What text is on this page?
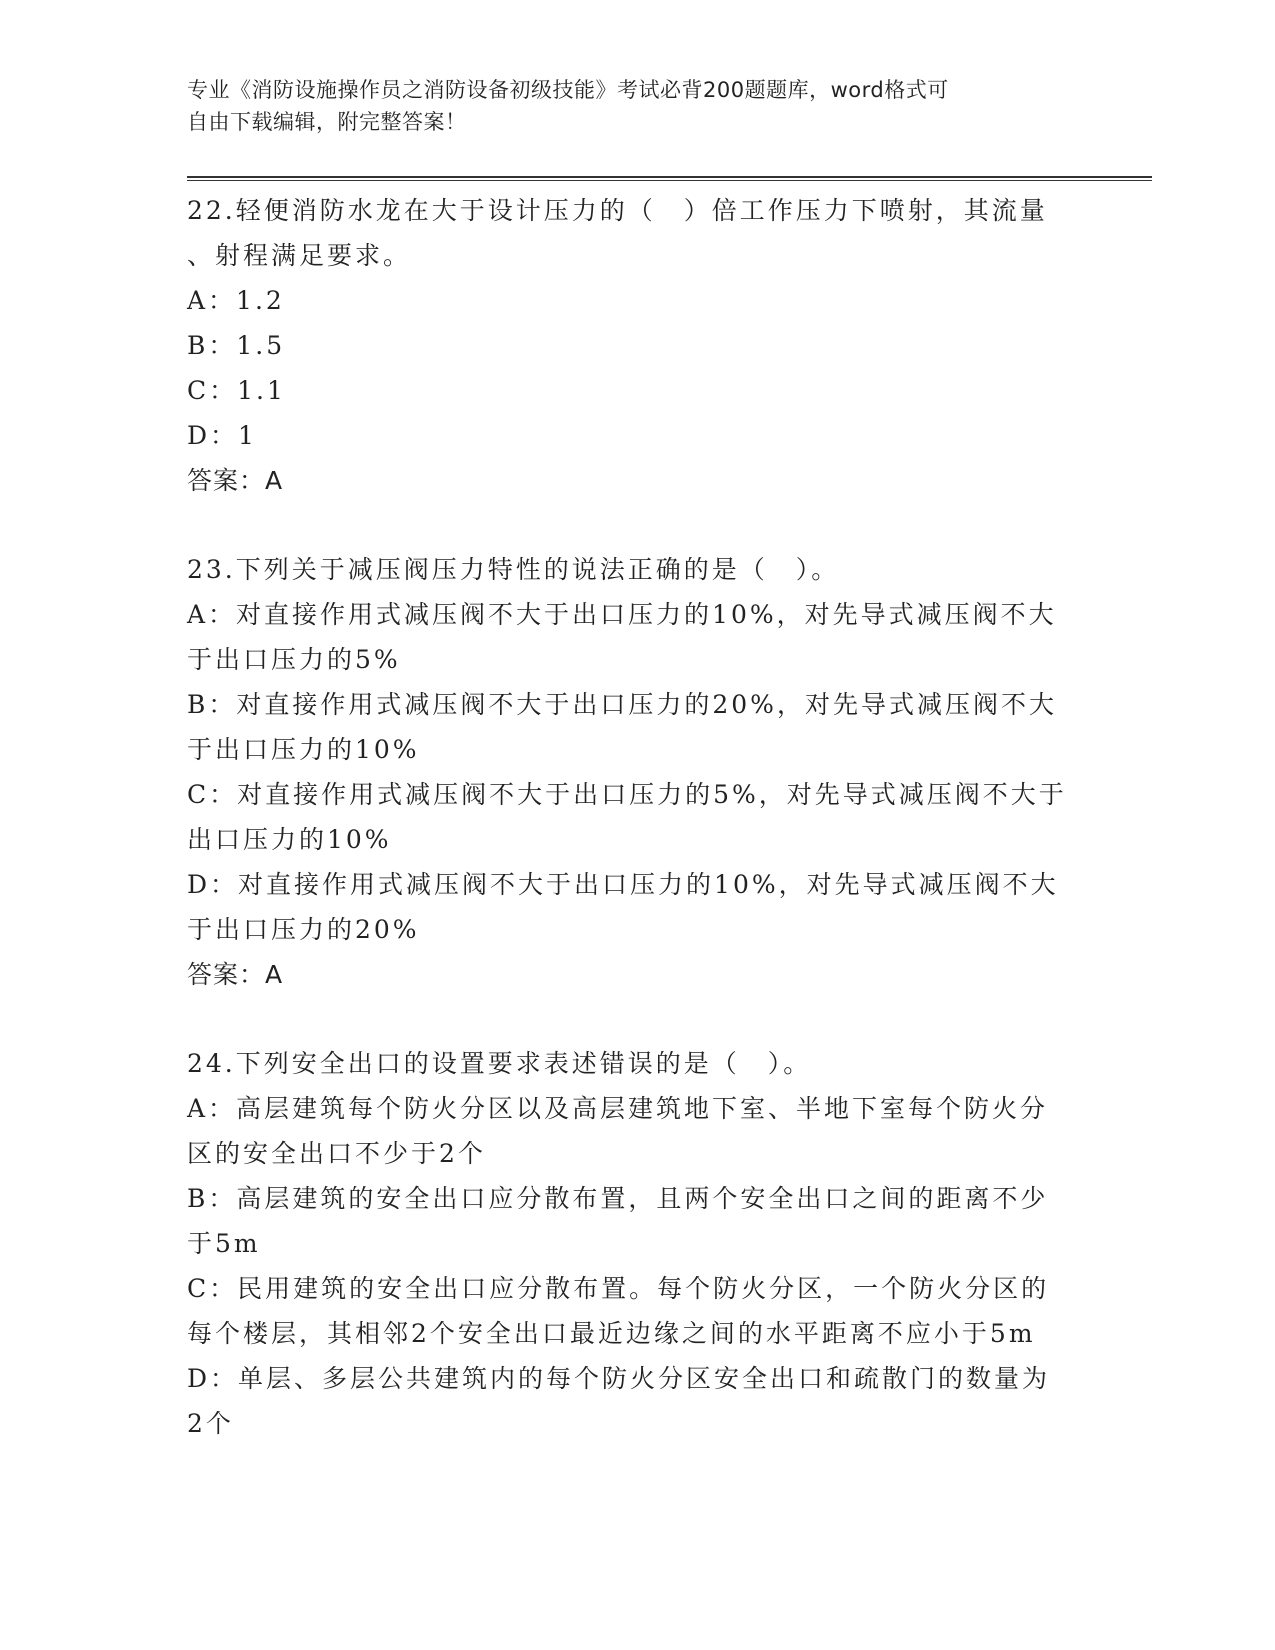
专业《消防设施操作员之消防设备初级技能》考试必背200题题库，word格式可
自由下载编辑，附完整答案！
22.轻便消防水龙在大于设计压力的（　）倍工作压力下喷射，其流量
、射程满足要求。
A：1.2
B：1.5
C：1.1
D：1
答案：A
23.下列关于减压阀压力特性的说法正确的是（　）。
A：对直接作用式减压阀不大于出口压力的10%，对先导式减压阀不大
于出口压力的5%
B：对直接作用式减压阀不大于出口压力的20%，对先导式减压阀不大
于出口压力的10%
C：对直接作用式减压阀不大于出口压力的5%，对先导式减压阀不大于
出口压力的10%
D：对直接作用式减压阀不大于出口压力的10%，对先导式减压阀不大
于出口压力的20%
答案：A
24.下列安全出口的设置要求表述错误的是（　）。
A：高层建筑每个防火分区以及高层建筑地下室、半地下室每个防火分
区的安全出口不少于2个
B：高层建筑的安全出口应分散布置，且两个安全出口之间的距离不少
于5m
C：民用建筑的安全出口应分散布置。每个防火分区，一个防火分区的
每个楼层，其相邻2个安全出口最近边缘之间的水平距离不应小于5m
D：单层、多层公共建筑内的每个防火分区安全出口和疏散门的数量为
2个
